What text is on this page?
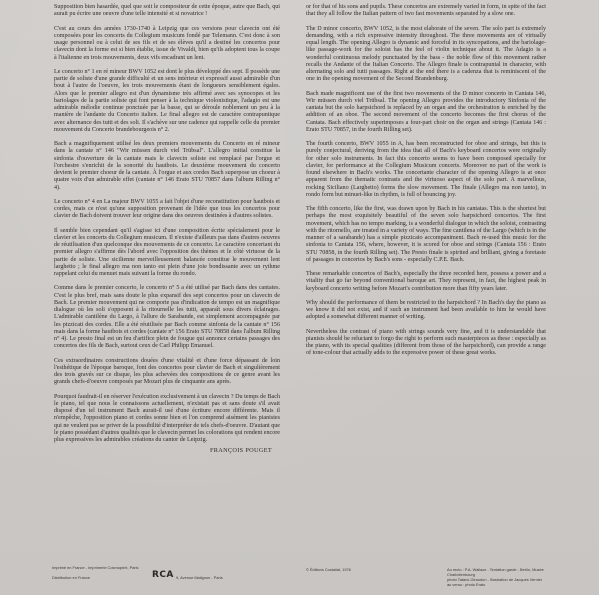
Supposition bien hasardée, quel que soit le compositeur de cette époque, autre que Bach, qui aurait pu écrire une oeuvre d'une telle intensité et si novatrice !

C'est au cours des années 1730-1740 à Leipzig que ces versions pour clavecin ont été composées pour les concerts du Collegium musicum fondé par Telemann. C'est donc à son usage personnel ou à celui de ses fils et de ses élèves qu'il a destiné les concertos pour clavecin dont la forme est si bien établie, issue de Vivaldi, bien qu'ils adoptent tous la coupe à l'italienne en trois mouvements, deux vifs encadrant un lent.

Le concerto n° 1 en ré mineur BWV 1052 est dont le plus développé des sept. Il possède une partie de soliste d'une grande difficulté et un sens intérieur et expressif aussi admirable d'un bout à l'autre de l'oeuvre, les trois mouvements étant de longueurs sensiblement égales. Alors que le premier allegro est d'un dynamisme très affirmé avec ses synocopes et les bariolages de la partie soliste qui font penser à la technique violonistique, l'adagio est une admirable mélodie continue ponctuée par la basse, qui se déroule noblement un peu à la manière de l'andante du Concerto italien. Le final allegro est de caractère contrapuntique avec alternance des tutti et des soli. Il s'achève sur une cadence qui rappelle celle du premier mouvement du Concerto brandebourgeois n° 2.

Bach a magnifiquement utilisé les deux premiers mouvements du Concerto en ré mineur dans la cantate n° 146 "Wir müssen durch viel Trübsal". L'allegro initial constitue la sinfonia d'ouverture de la cantate mais le clavecin soliste est remplacé par l'orgue et l'orchestre s'enrichit de la sonorité du hautbois. Le deuxième mouvement du concerto devient le premier choeur de la cantate. À l'orgue et aux cordes Bach superpose un choeur à quatre voix d'un admirable effet (cantate n° 146 Erato STU 70857 dans l'album Rilling n° 4).

Le concerto n° 4 en La majeur BWV 1055 a fait l'objet d'une reconstitution pour hautbois et cordes, mais ce n'est qu'une supposition provenant de l'idée que tous les concertos pour clavier de Bach doivent trouver leur origine dans des oeuvres destinées à d'autres solistes.

Il semble bien cependant qu'il s'agisse ici d'une composition écrite spécialement pour le clavier et les concerts du Collegium musicum. Il n'existe d'ailleurs pas dans d'autres oeuvres de réutilisation d'un quelconque des mouvements de ce concerto. Le caractère concertant du premier allegro s'affirme dès l'abord avec l'opposition des thèmes et le côté virtuose de la partie de soliste. Une sicilienne merveilleusement balancée constitue le mouvement lent larghetto ; le final allegro ma non tanto est plein d'une joie bondissante avec un rythme rappelant celui du menuet mais suivant la forme du rondo.

Comme dans le premier concerto, le concerto n° 5 a été utilisé par Bach dans des cantates. C'est le plus bref, mais sans doute le plus expansif des sept concertos pour un clavecin de Bach. Le premier mouvement qui ne comporte pas d'indication de tempo est un magnifique dialogue où les soli s'opposent à la ritournelle les tutti, apparaît sous divers éclairages. L'admirable cantilène du Largo, à l'allure de Sarabande, est simplement accompagnée par les pizzicati des cordes. Elle a été réutilisée par Bach comme sinfonia de la cantate n° 156 mais dans la forme hautbois et cordes (cantate n° 156 Erato STU 70858 dans l'album Rilling n° 4). Le presto final est un feu d'artifice plein de fougue qui annonce certains passages des concertos des fils de Bach, surtout ceux de Carl Philipp Emanuel.

Ces extraordinaires constructions douées d'une vitalité et d'une force dépassant de loin l'esthétique de l'époque baroque, font des concertos pour clavier de Bach et singulièrement des trois gravés sur ce disque, les plus achevées des compositions de ce genre avant les grands chefs-d'oeuvre composés par Mozart plus de cinquante ans après.

Pourquoi faudrait-il en réserver l'exécution exclusivement à un clavecin ? Du temps de Bach le piano, tel que nous le connaissons actuellement, n'existait pas et sans doute s'il avait disposé d'un tel instrument Bach aurait-il usé d'une écriture encore différente. Mais il n'empêche, l'opposition piano et cordes sonne bien et l'on comprend aisément les pianistes qui ne veulent pas se priver de la possibilité d'interpréter de tels chefs-d'oeuvre. D'autant que le piano possédant d'autres qualités que le clavecin permet les colorations qui rendent encore plus expressives les admirables créations du cantor de Leipzig.

FRANÇOIS POUGET

or for that of his sons and pupils. These concertos are extremely varied in form, in spite of the fact that they all follow the Italian pattern of two fast movements separated by a slow one.

The D minor concerto, BWV 1052, is the most elaborate of the seven. The solo part is extremely demanding, with a rich expressive intensity throughout. The three movements are of virtually equal length. The opening Allegro is dynamic and forceful in its syncopations, and the bariolage-like passage-work for the soloist has the feel of violin technique about it. The Adagio is a wonderful continuous melody punctuated by the bass - the noble flow of this movement rather recalls the Andante of the Italian Concerto. The Allegro finale is contrapuntal in character, with alternating solo and tutti passages. Right at the end there is a cadenza that is reminiscent of the one in the opening movement of the Second Brandenburg.

Bach made magnificent use of the first two movements of the D minor concerto in Cantata 146, Wir müssen durch viel Trübsal. The opening Allegro provides the introductory Sinfonia of the cantata but the solo harpsichord is replaced by an organ and the orchestration is enriched by the addition of an oboe. The second movement of the concerto becomes the first chorus of the Cantata. Bach effectively superimposes a four-part choir on the organ and strings (Cantata 146 : Erato STU 70857, in the fourth Rilling set).

The fourth concerto, BWV 1055 in A, has been reconstructed for oboe and strings, but this is purely conjectural, deriving from the idea that all of Bach's keyboard concertos were originally for other solo instruments. In fact this concerto seems to have been composed specially for clavier, for performance at the Collegium Musicum concerts. Moreover no part of the work is found elsewhere in Bach's works. The concertante character of the opening Allegro is at once apparent from the thematic contrasts and the virtuoso aspect of the solo part. A marvellous, rocking Siciliano (Larghetto) forms the slow movement. The finale (Allegro ma non tanto), in rondo form but minuet-like in rhythm, is full of bouncing joy.

The fifth concerto, like the first, was drawn upon by Bach in his cantatas. This is the shortest but perhaps the most exquisitely beautiful of the seven solo harpsichord concertos. The first movement, which has no tempo marking, is a wonderful dialogue in which the soloist, contrasting with the ritornello, are treated in a variety of ways. The fine cantilena of the Largo (which is in the manner of a sarabande) has a simple pizzicato accompaniment. Bach re-used this music for the sinfonia to Cantata 156, where, however, it is scored for oboe and strings (Cantata 156 : Erato STU 70858, in the fourth Rilling set). The Presto finale is spirited and brilliant, giving a foretaste of passages in concertos by Bach's sons - especially C.P.E. Bach.

These remarkable concertos of Bach's, especially the three recorded here, possess a power and a vitality that go far beyond conventional baroque art. They represent, in fact, the highest peak in keyboard concerto writing before Mozart's contribution more than fifty years later.

Why should the performance of them be restricted to the harpsichord ? In Bach's day the piano as we know it did not exist, and if such an instrument had been available to him he would have adopted a somewhat different manner of writing.

Nevertheless the contrast of piano with strings sounds very fine, and it is understandable that pianists should be reluctant to forgo the right to perform such masterpieces as these : especially as the piano, with its special qualities (different from those of the harpsichord), can provide a range of tone-colour that actually adds to the expressive power of these great works.

Imprimé en France - Imprimerie Cosmoprint, Paris
Distribution en France	RCA 9, Avenue Matignon - Paris
© Éditions Costallat, 1976	Au recto : P.A. Wallace - Tentation garde - Berlin, Musée Charlottenbourg
photo Tatarci-Giraudon - Illustration de Jacques Vernier
au verso : photo Erato
